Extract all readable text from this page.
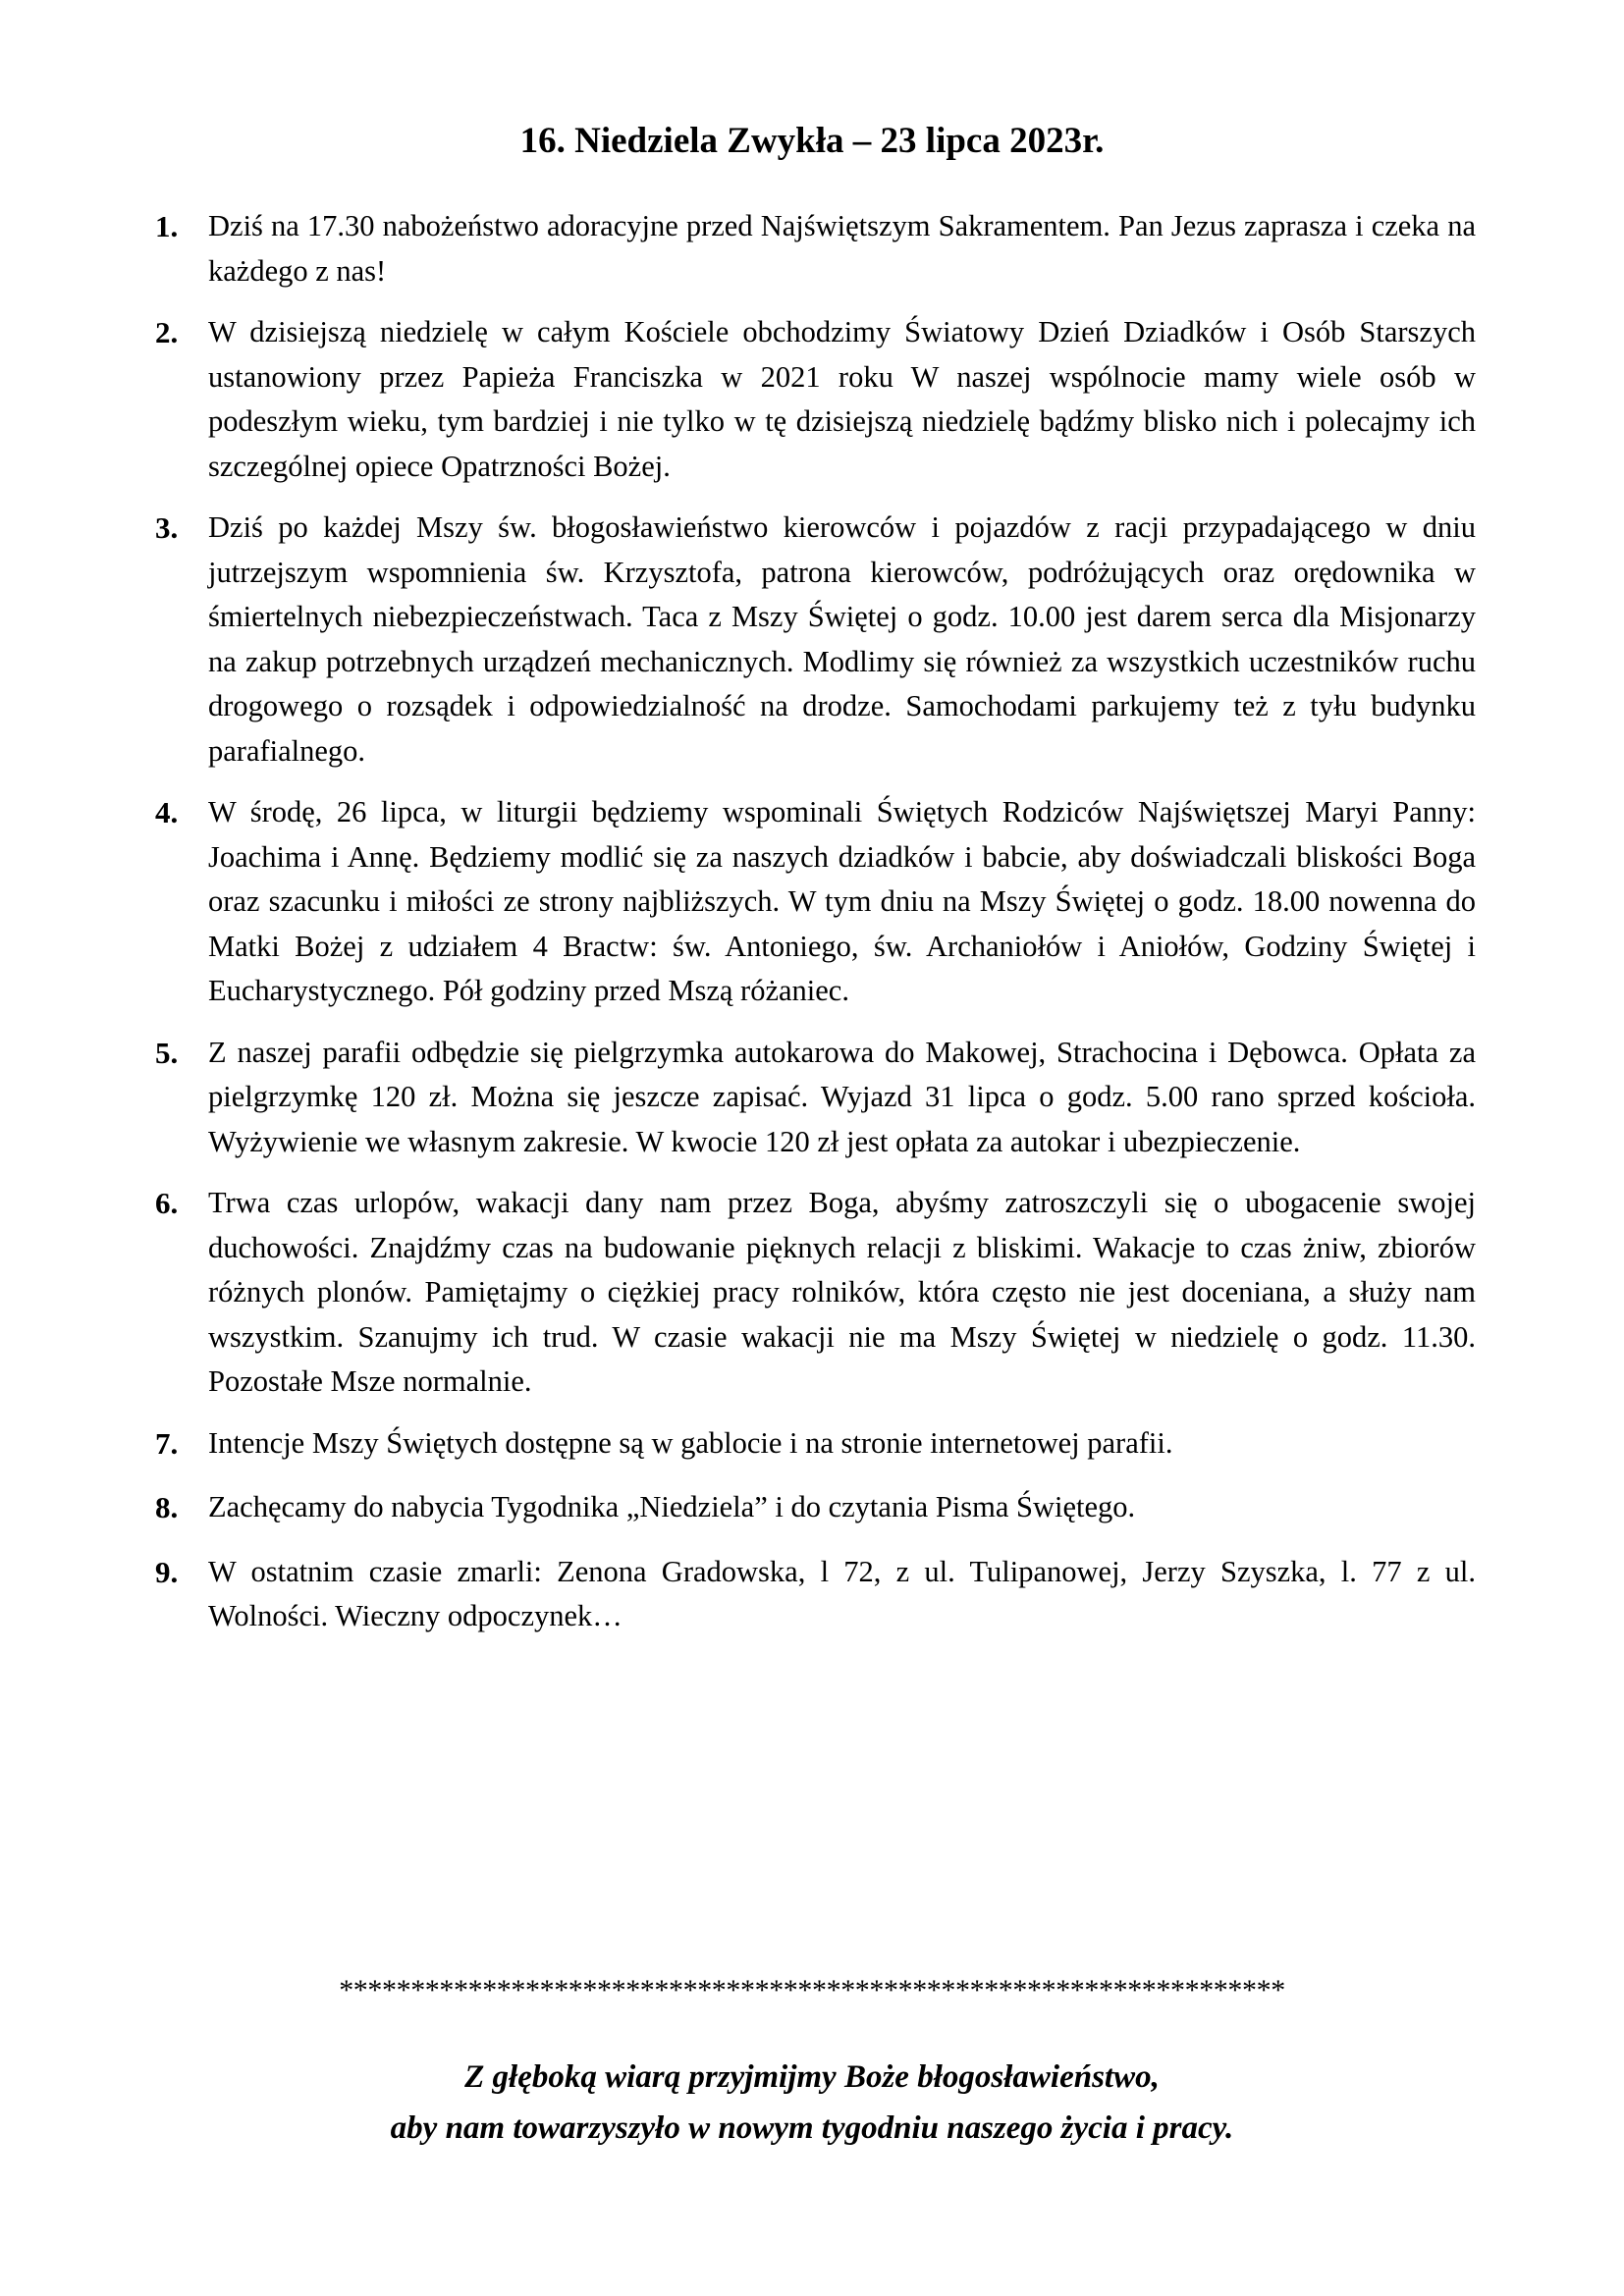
16. Niedziela Zwykła – 23 lipca 2023r.
1. Dziś na 17.30 nabożeństwo adoracyjne przed Najświętszym Sakramentem. Pan Jezus zaprasza i czeka na każdego z nas!
2. W dzisiejszą niedzielę w całym Kościele obchodzimy Światowy Dzień Dziadków i Osób Starszych ustanowiony przez Papieża Franciszka w 2021 roku W naszej wspólnocie mamy wiele osób w podeszłym wieku, tym bardziej i nie tylko w tę dzisiejszą niedzielę bądźmy blisko nich i polecajmy ich szczególnej opiece Opatrzności Bożej.
3. Dziś po każdej Mszy św. błogosławieństwo kierowców i pojazdów z racji przypadającego w dniu jutrzejszym wspomnienia św. Krzysztofa, patrona kierowców, podróżujących oraz orędownika w śmiertelnych niebezpieczeństwach. Taca z Mszy Świętej o godz. 10.00 jest darem serca dla Misjonarzy na zakup potrzebnych urządzeń mechanicznych. Modlimy się również za wszystkich uczestników ruchu drogowego o rozsądek i odpowiedzialność na drodze. Samochodami parkujemy też z tyłu budynku parafialnego.
4. W środę, 26 lipca, w liturgii będziemy wspominali Świętych Rodziców Najświętszej Maryi Panny: Joachima i Annę. Będziemy modlić się za naszych dziadków i babcie, aby doświadczali bliskości Boga oraz szacunku i miłości ze strony najbliższych. W tym dniu na Mszy Świętej o godz. 18.00 nowenna do Matki Bożej z udziałem 4 Bractw: św. Antoniego, św. Archaniołów i Aniołów, Godziny Świętej i Eucharystycznego. Pół godziny przed Mszą różaniec.
5. Z naszej parafii odbędzie się pielgrzymka autokarowa do Makowej, Strachocina i Dębowca. Opłata za pielgrzymkę 120 zł. Można się jeszcze zapisać. Wyjazd 31 lipca o godz. 5.00 rano sprzed kościoła. Wyżywienie we własnym zakresie. W kwocie 120 zł jest opłata za autokar i ubezpieczenie.
6. Trwa czas urlopów, wakacji dany nam przez Boga, abyśmy zatroszczyli się o ubogacenie swojej duchowości. Znajdźmy czas na budowanie pięknych relacji z bliskimi. Wakacje to czas żniw, zbiorów różnych plonów. Pamiętajmy o ciężkiej pracy rolników, która często nie jest doceniana, a służy nam wszystkim. Szanujmy ich trud. W czasie wakacji nie ma Mszy Świętej w niedzielę o godz. 11.30. Pozostałe Msze normalnie.
7. Intencje Mszy Świętych dostępne są w gablocie i na stronie internetowej parafii.
8. Zachęcamy do nabycia Tygodnika „Niedziela” i do czytania Pisma Świętego.
9. W ostatnim czasie zmarli: Zenona Gradowska, l 72, z ul. Tulipanowej, Jerzy Szyszka, l. 77 z ul. Wolności. Wieczny odpoczynek…
******************************************************************
Z głęboką wiarą przyjmijmy Boże błogosławieństwo,
aby nam towarzyszyło w nowym tygodniu naszego życia i pracy.
